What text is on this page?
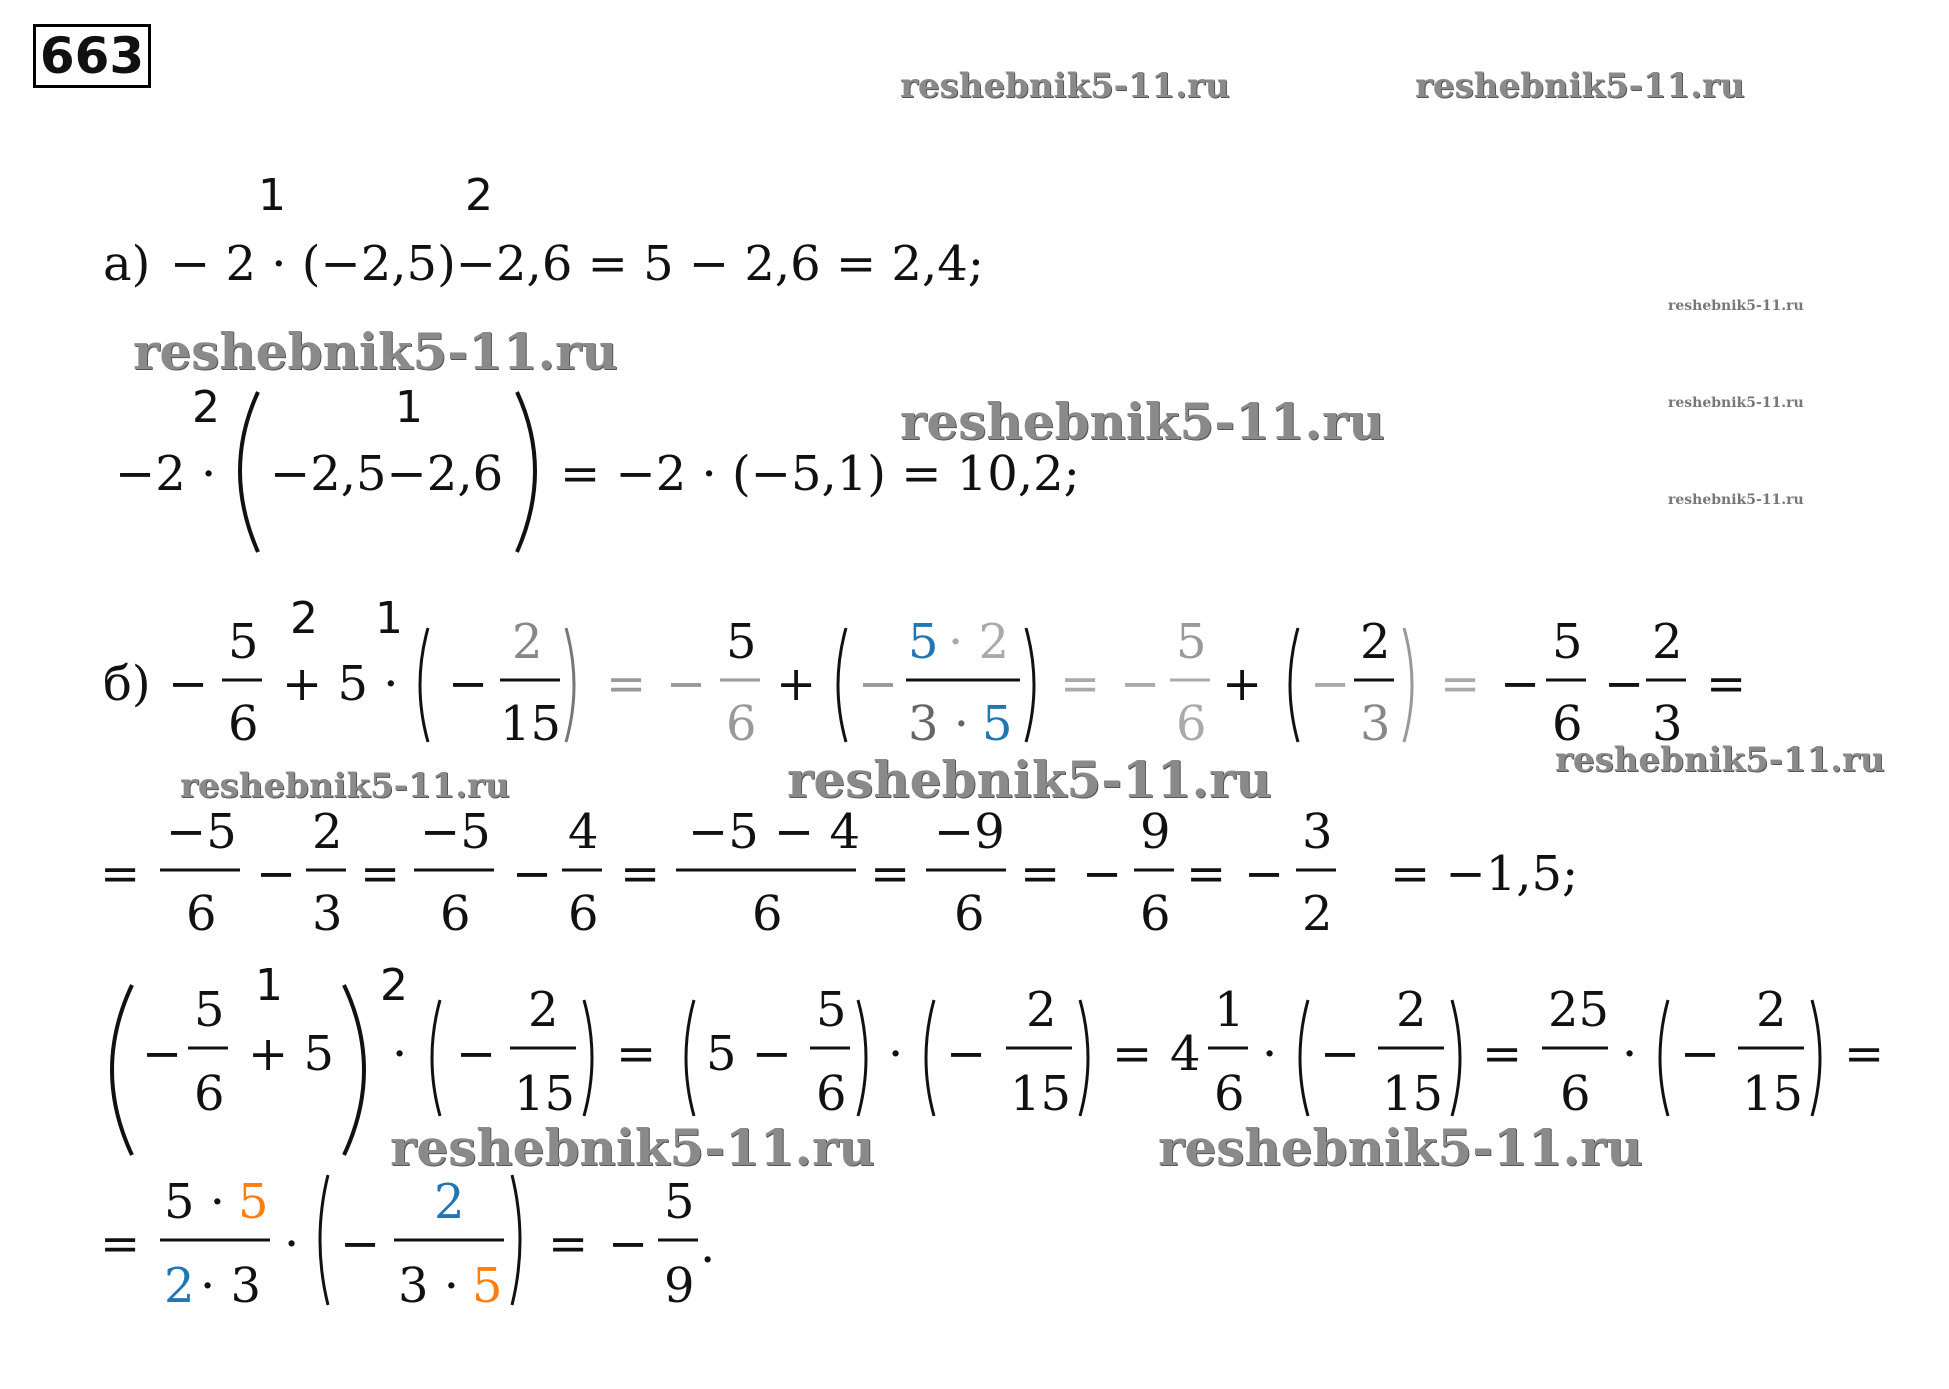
663
reshebnik5-11.ru	reshebnik5-11.ru
reshebnik5-11.ru
reshebnik5-11.ru
reshebnik5-11.ru
reshebnik5-11.ru
reshebnik5-11.ru
reshebnik5-11.ru	reshebnik5-11.ru	reshebnik5-11.ru
reshebnik5-11.ru	reshebnik5-11.ru
1	2
а) − 2 · (−2,5)−2,6 = 5 − 2,6 = 2,4;
2	1
−2 · −2,5−2,6 = −2 · (−5,1) = 10,2;
б)
2 1
= −1,5;
1 2
−
5
6
+ 5 · −
2
15
= −
5
6
+ −
5 · 2
3 · 5
= −
5
6
+ −
2
3
= −
5
6
−
2
3
=
=
−5
6
−
2
3
=
−5
6
−
4
6
=
−5 − 4
6
=
−9
6
= −
9
6
= −
3
2
−
5
6
+ 5 · −
2
15
= 5 −
5
6
· −
2
15
= 4
1
6
· −
2
15
=
25
6
· −
2
15
=
=
5 · 5
2 · 3
· −
2
3 · 5
= −
5
9
.	− 5/9.
